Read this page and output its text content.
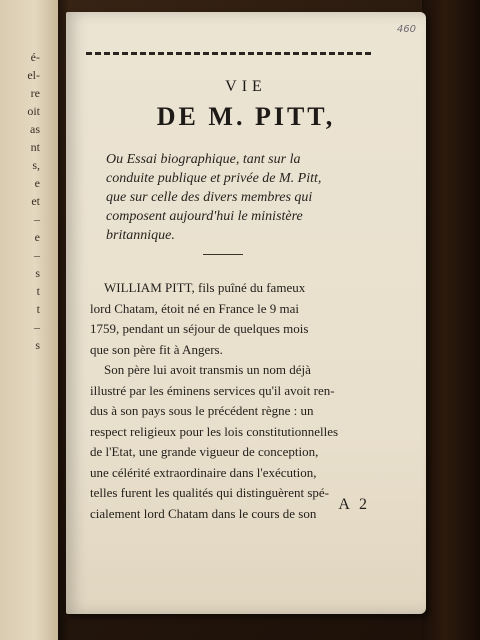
é-
el-
re
oit
as
nt
s,
e
et
–
e
–
s
t
t
–
s
460
VIE
DE M. PITT,
Ou Essai biographique, tant sur la
conduite publique et privée de M. Pitt,
que sur celle des divers membres qui
composent aujourd'hui le ministère
britannique.
WILLIAM PITT, fils puîné du fameux
lord Chatam, étoit né en France le 9 mai
1759, pendant un séjour de quelques mois
que son père fit à Angers.
Son père lui avoit transmis un nom déjà
illustré par les éminens services qu'il avoit ren-
dus à son pays sous le précédent règne : un
respect religieux pour les lois constitutionnelles
de l'Etat, une grande vigueur de conception,
une célérité extraordinaire dans l'exécution,
telles furent les qualités qui distinguèrent spé-
cialement lord Chatam dans le cours de son	A 2
